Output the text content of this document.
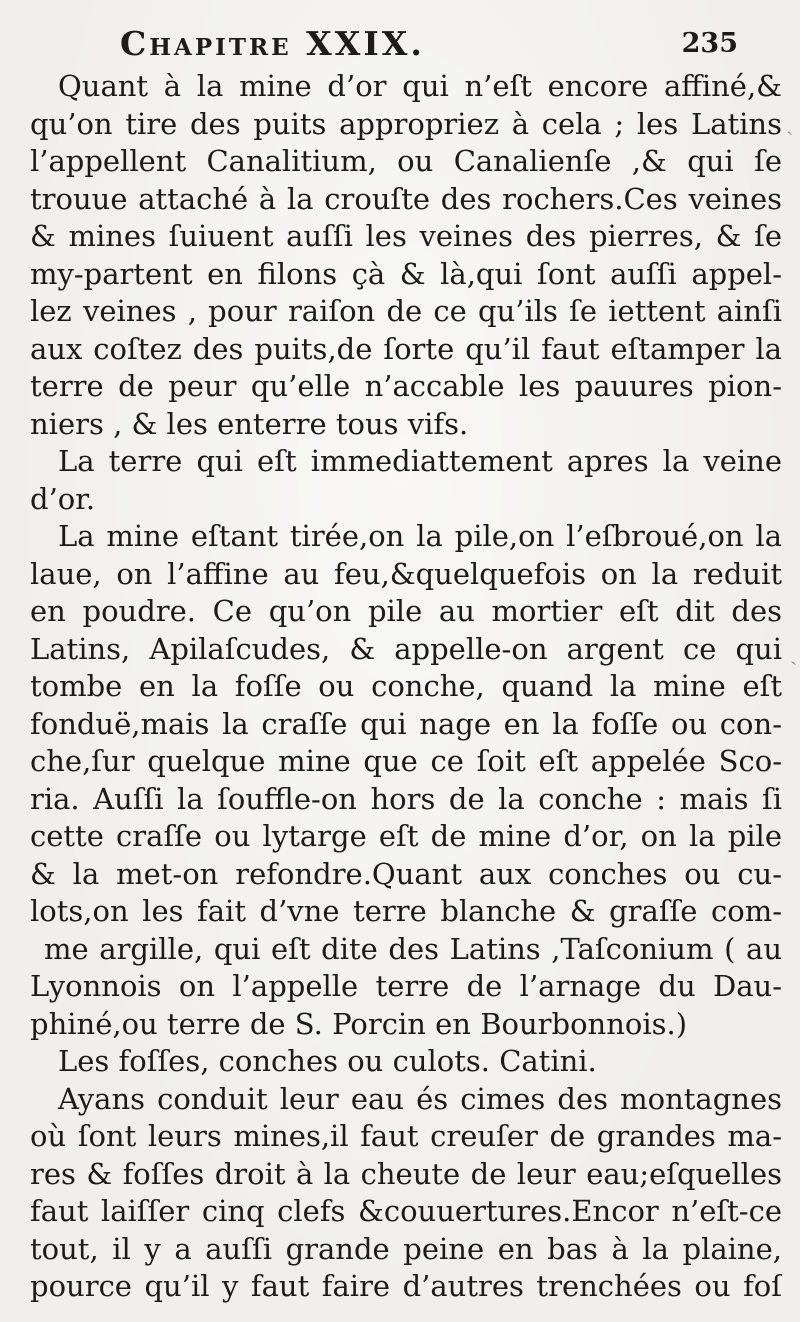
Chapitre XXIX.	235
Quant à la mine d’or qui n’eſt encore affiné,&
qu’on tire des puits appropriez à cela ; les Latins
l’appellent Canalitium, ou Canalienſe ,& qui ſe
trouue attaché à la crouſte des rochers.Ces veines
& mines ſuiuent auſſi les veines des pierres, & ſe
my-partent en filons çà & là,qui ſont auſſi appel-
lez veines , pour raiſon de ce qu’ils ſe iettent ainſi
aux coſtez des puits,de ſorte qu’il faut eſtamper la
terre de peur qu’elle n’accable les pauures pion-
niers , & les enterre tous vifs.
La terre qui eſt immediattement apres la veine
d’or.
La mine eſtant tirée,on la pile,on l’eſbroué,on la
laue, on l’affine au feu,&quelquefois on la reduit
en poudre. Ce qu’on pile au mortier eſt dit des
Latins, Apilaſcudes, & appelle-on argent ce qui
tombe en la foſſe ou conche, quand la mine eſt
fonduë,mais la craſſe qui nage en la foſſe ou con-
che,ſur quelque mine que ce ſoit eſt appelée Sco-
ria. Auſſi la ſouffle-on hors de la conche : mais ſi
cette craſſe ou lytarge eſt de mine d’or, on la pile
& la met-on refondre.Quant aux conches ou cu-
lots,on les fait d’vne terre blanche & graſſe com-
me argille, qui eſt dite des Latins ,Taſconium ( au
Lyonnois on l’appelle terre de l’arnage du Dau-
phiné,ou terre de S. Porcin en Bourbonnois.)
Les foſſes, conches ou culots. Catini.
Ayans conduit leur eau és cimes des montagnes
où ſont leurs mines,il faut creuſer de grandes ma-
res & foſſes droit à la cheute de leur eau;eſquelles
faut laiſſer cinq clefs &couuertures.Encor n’eſt-ce
tout, il y a auſſi grande peine en bas à la plaine,
pource qu’il y faut faire d’autres trenchées ou foſ
ˏ
ˏ
